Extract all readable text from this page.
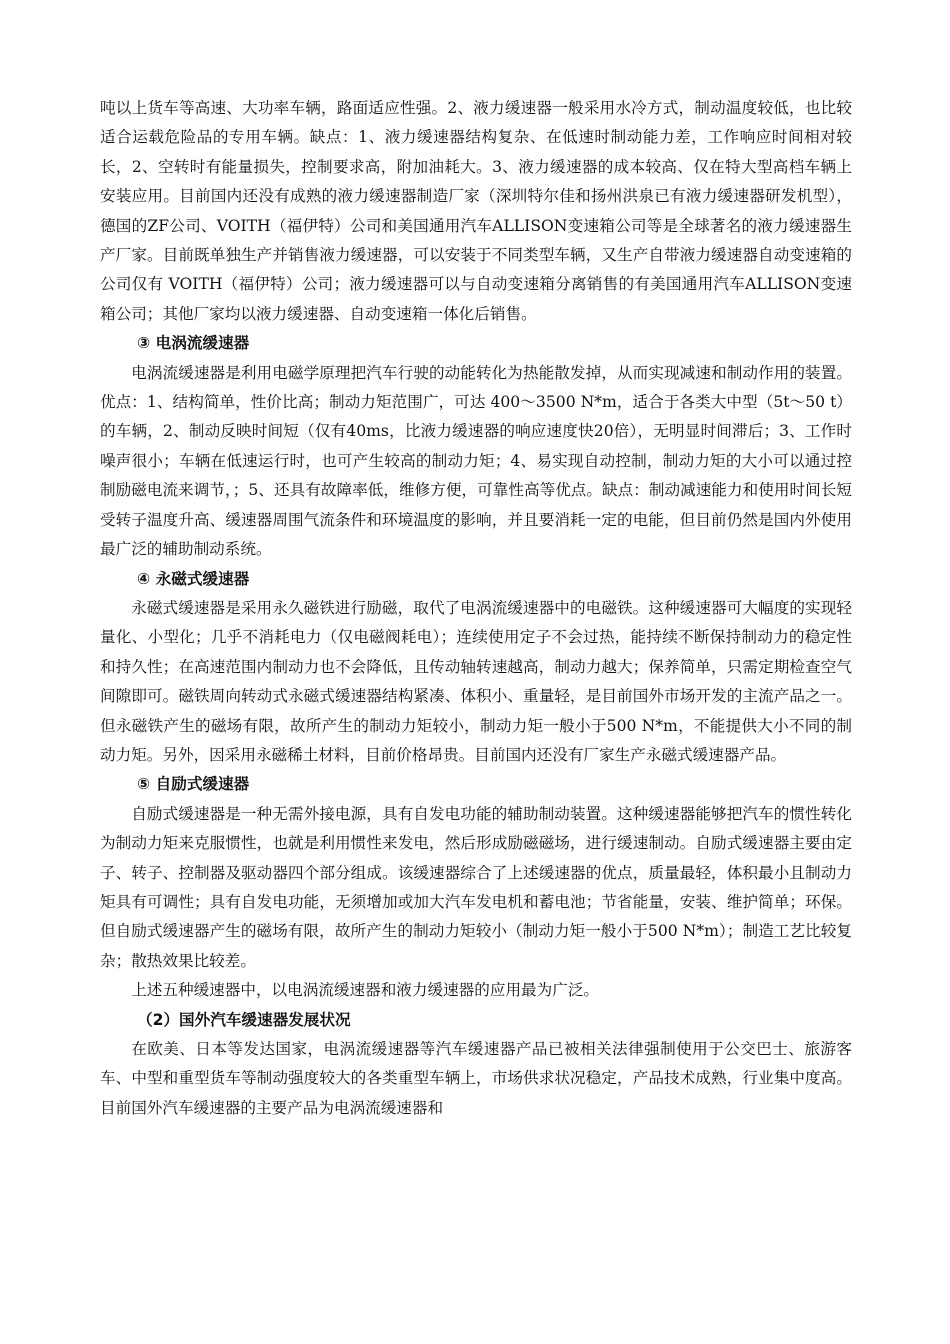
吨以上货车等高速、大功率车辆，路面适应性强。2、液力缓速器一般采用水冷方式，制动温度较低，也比较适合运载危险品的专用车辆。缺点：1、液力缓速器结构复杂、在低速时制动能力差，工作响应时间相对较长，2、空转时有能量损失，控制要求高，附加油耗大。3、液力缓速器的成本较高、仅在特大型高档车辆上安装应用。目前国内还没有成熟的液力缓速器制造厂家（深圳特尔佳和扬州洪泉已有液力缓速器研发机型），德国的ZF公司、VOITH（福伊特）公司和美国通用汽车ALLISON变速箱公司等是全球著名的液力缓速器生产厂家。目前既单独生产并销售液力缓速器，可以安装于不同类型车辆，又生产自带液力缓速器自动变速箱的公司仅有 VOITH（福伊特）公司；液力缓速器可以与自动变速箱分离销售的有美国通用汽车ALLISON变速箱公司；其他厂家均以液力缓速器、自动变速箱一体化后销售。

③ 电涡流缓速器

电涡流缓速器是利用电磁学原理把汽车行驶的动能转化为热能散发掉，从而实现减速和制动作用的装置。优点：1、结构简单，性价比高；制动力矩范围广，可达 400～3500 N*m，适合于各类大中型（5t～50 t）的车辆，2、制动反映时间短（仅有40ms，比液力缓速器的响应速度快20倍），无明显时间滞后；3、工作时噪声很小；车辆在低速运行时，也可产生较高的制动力矩；4、易实现自动控制，制动力矩的大小可以通过控制励磁电流来调节，；5、还具有故障率低，维修方便，可靠性高等优点。缺点：制动减速能力和使用时间长短受转子温度升高、缓速器周围气流条件和环境温度的影响，并且要消耗一定的电能，但目前仍然是国内外使用最广泛的辅助制动系统。

④ 永磁式缓速器

永磁式缓速器是采用永久磁铁进行励磁，取代了电涡流缓速器中的电磁铁。这种缓速器可大幅度的实现轻量化、小型化；几乎不消耗电力（仅电磁阀耗电）；连续使用定子不会过热，能持续不断保持制动力的稳定性和持久性；在高速范围内制动力也不会降低，且传动轴转速越高，制动力越大；保养简单，只需定期检查空气间隙即可。磁铁周向转动式永磁式缓速器结构紧凑、体积小、重量轻，是目前国外市场开发的主流产品之一。但永磁铁产生的磁场有限，故所产生的制动力矩较小，制动力矩一般小于500 N*m，不能提供大小不同的制动力矩。另外，因采用永磁稀土材料，目前价格昂贵。目前国内还没有厂家生产永磁式缓速器产品。

⑤ 自励式缓速器

自励式缓速器是一种无需外接电源，具有自发电功能的辅助制动装置。这种缓速器能够把汽车的惯性转化为制动力矩来克服惯性，也就是利用惯性来发电，然后形成励磁磁场，进行缓速制动。自励式缓速器主要由定子、转子、控制器及驱动器四个部分组成。该缓速器综合了上述缓速器的优点，质量最轻，体积最小且制动力矩具有可调性；具有自发电功能，无须增加或加大汽车发电机和蓄电池；节省能量，安装、维护简单；环保。但自励式缓速器产生的磁场有限，故所产生的制动力矩较小（制动力矩一般小于500 N*m）；制造工艺比较复杂；散热效果比较差。

上述五种缓速器中，以电涡流缓速器和液力缓速器的应用最为广泛。

（2）国外汽车缓速器发展状况

在欧美、日本等发达国家，电涡流缓速器等汽车缓速器产品已被相关法律强制使用于公交巴士、旅游客车、中型和重型货车等制动强度较大的各类重型车辆上，市场供求状况稳定，产品技术成熟，行业集中度高。目前国外汽车缓速器的主要产品为电涡流缓速器和
